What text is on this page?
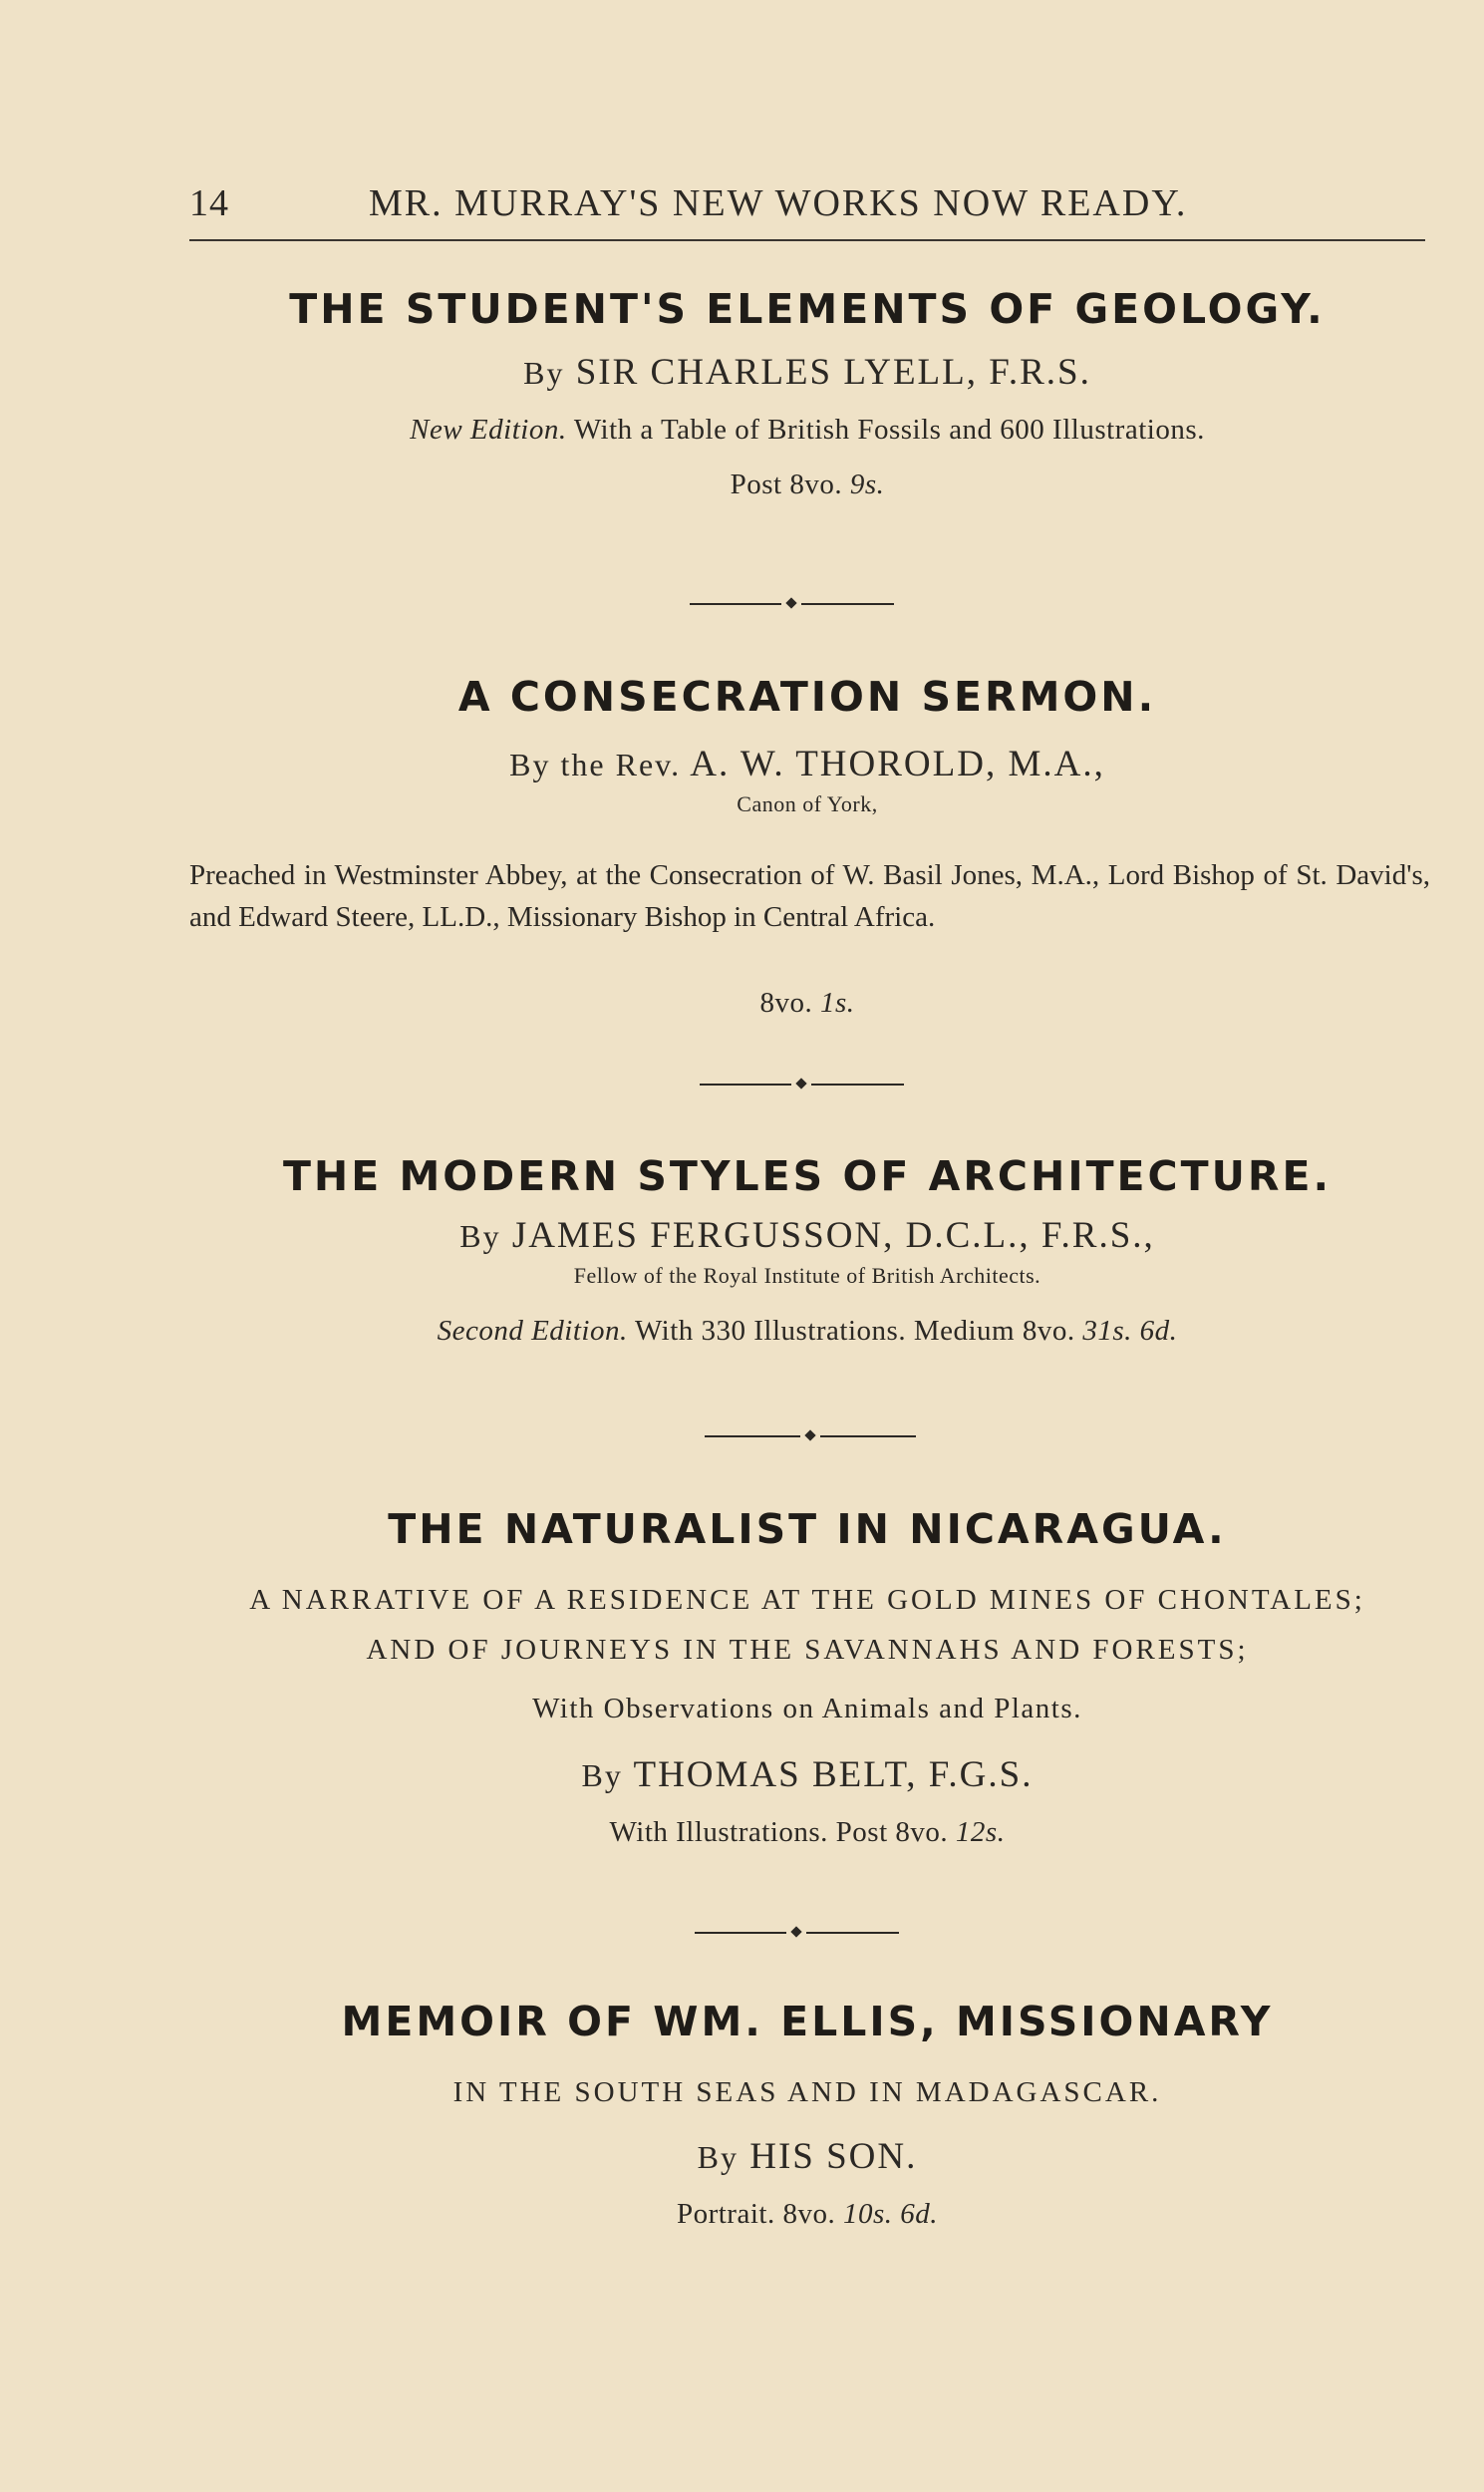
14	MR. MURRAY'S NEW WORKS NOW READY.
THE STUDENT'S ELEMENTS OF GEOLOGY.
By SIR CHARLES LYELL, F.R.S.
New Edition. With a Table of British Fossils and 600 Illustrations.
Post 8vo. 9s.
A CONSECRATION SERMON.
By the Rev. A. W. THOROLD, M.A.,
Canon of York,
Preached in Westminster Abbey, at the Consecration of W. Basil Jones, M.A., Lord Bishop of St. David's, and Edward Steere, LL.D., Missionary Bishop in Central Africa.
8vo. 1s.
THE MODERN STYLES OF ARCHITECTURE.
By JAMES FERGUSSON, D.C.L., F.R.S.,
Fellow of the Royal Institute of British Architects.
Second Edition. With 330 Illustrations. Medium 8vo. 31s. 6d.
THE NATURALIST IN NICARAGUA.
A NARRATIVE OF A RESIDENCE AT THE GOLD MINES OF CHONTALES;
AND OF JOURNEYS IN THE SAVANNAHS AND FORESTS;
With Observations on Animals and Plants.
By THOMAS BELT, F.G.S.
With Illustrations. Post 8vo. 12s.
MEMOIR OF WM. ELLIS, MISSIONARY
IN THE SOUTH SEAS AND IN MADAGASCAR.
By HIS SON.
Portrait. 8vo. 10s. 6d.
